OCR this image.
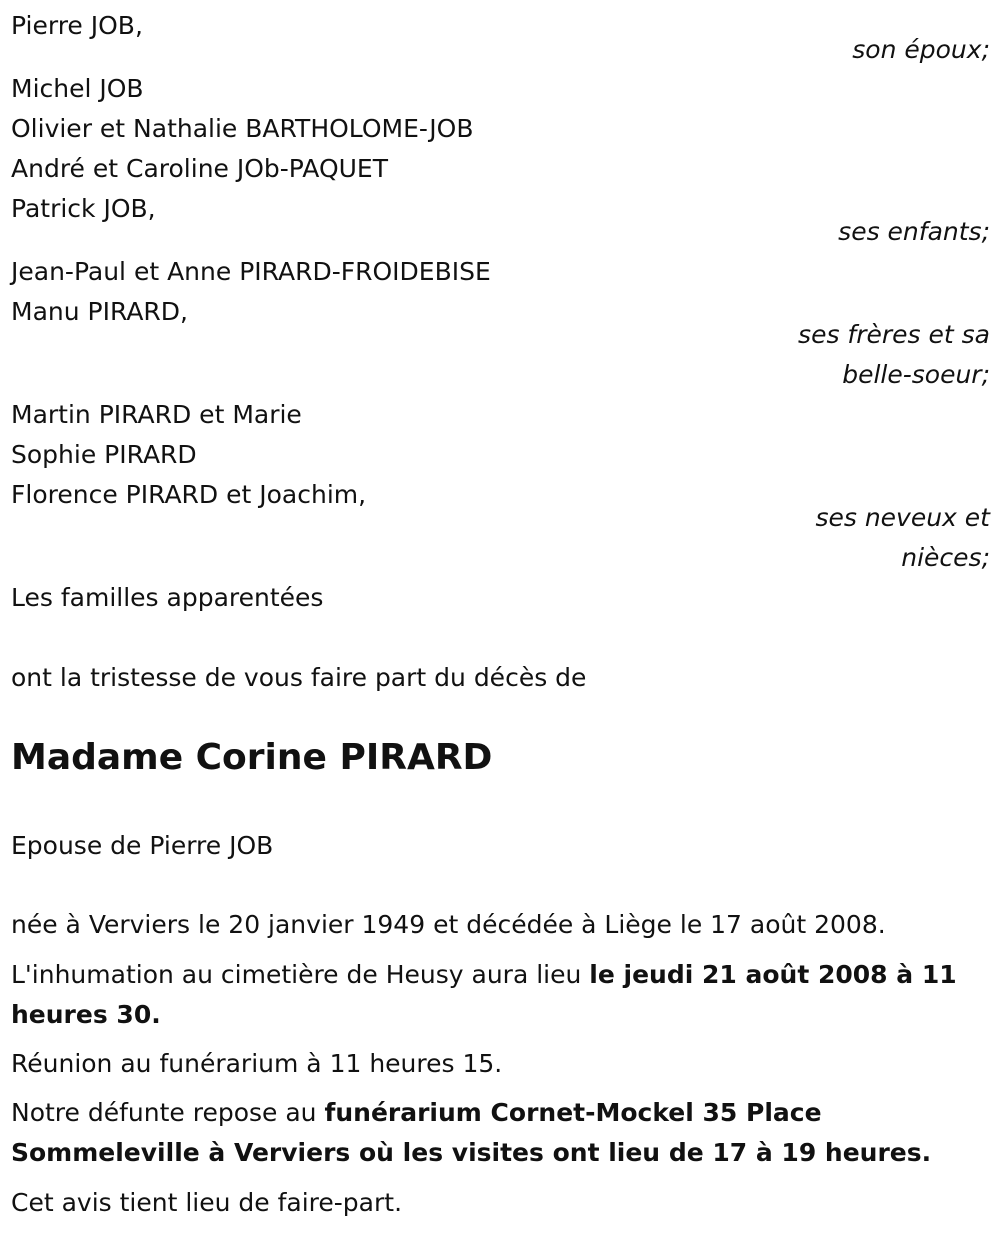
Pierre JOB,
son époux;
Michel JOB
Olivier et Nathalie BARTHOLOME-JOB
André et Caroline JOb-PAQUET
Patrick JOB,
ses enfants;
Jean-Paul et Anne PIRARD-FROIDEBISE
Manu PIRARD,
ses frères et sa
belle-soeur;
Martin PIRARD et Marie
Sophie PIRARD
Florence PIRARD et Joachim,
ses neveux et
nièces;
Les familles apparentées
ont la tristesse de vous faire part du décès de
Madame Corine PIRARD
Epouse de Pierre JOB
née à Verviers le 20 janvier 1949 et décédée à Liège le 17 août 2008.
L'inhumation au cimetière de Heusy aura lieu le jeudi 21 août 2008 à 11 heures 30.
Réunion au funérarium à 11 heures 15.
Notre défunte repose au funérarium Cornet-Mockel 35 Place Sommeleville à Verviers où les visites ont lieu de 17 à 19 heures.
Cet avis tient lieu de faire-part.
